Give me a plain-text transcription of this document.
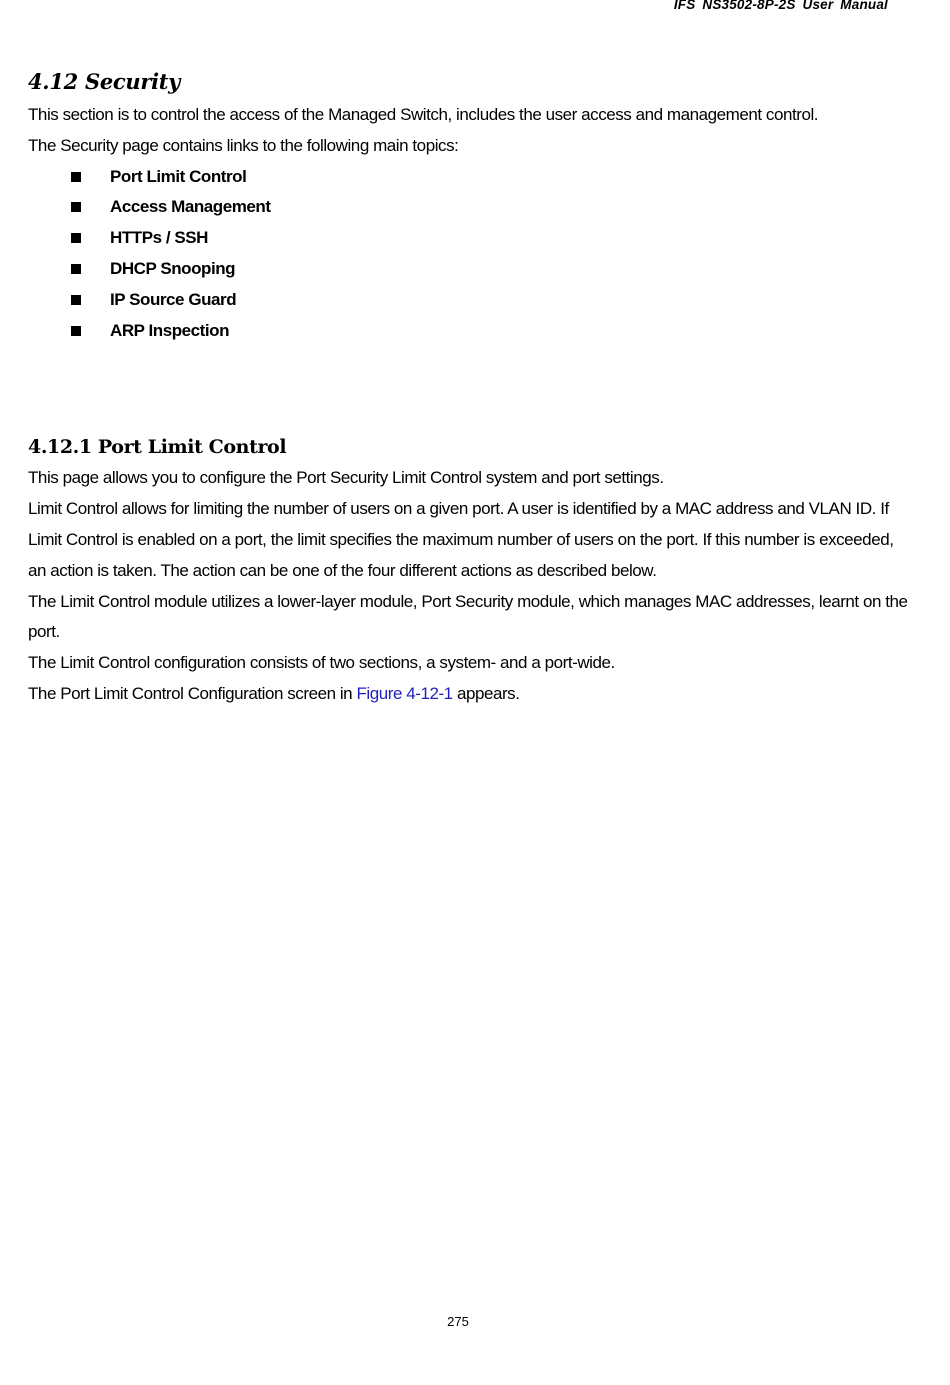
IFS NS3502-8P-2S User Manual
4.12 Security

This section is to control the access of the Managed Switch, includes the user access and management control.

The Security page contains links to the following main topics:

Port Limit Control
Access Management
HTTPs / SSH
DHCP Snooping
IP Source Guard
ARP Inspection
4.12.1 Port Limit Control

This page allows you to configure the Port Security Limit Control system and port settings.

Limit Control allows for limiting the number of users on a given port. A user is identified by a MAC address and VLAN ID. If Limit Control is enabled on a port, the limit specifies the maximum number of users on the port. If this number is exceeded, an action is taken. The action can be one of the four different actions as described below.

The Limit Control module utilizes a lower-layer module, Port Security module, which manages MAC addresses, learnt on the port.

The Limit Control configuration consists of two sections, a system- and a port-wide.

The Port Limit Control Configuration screen in Figure 4-12-1 appears.

275
